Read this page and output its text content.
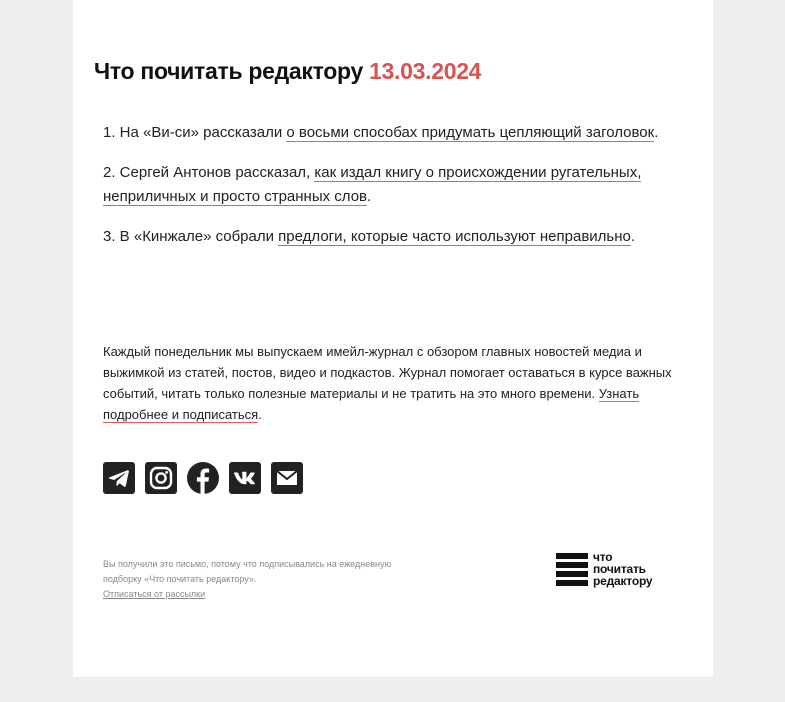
Что почитать редактору 13.03.2024

1. На «Ви-си» рассказали о восьми способах придумать цепляющий заголовок.

2. Сергей Антонов рассказал, как издал книгу о происхождении ругательных, неприличных и просто странных слов.

3. В «Кинжале» собрали предлоги, которые часто используют неправильно.

Каждый понедельник мы выпускаем имейл-журнал с обзором главных новостей медиа и выжимкой из статей, постов, видео и подкастов. Журнал помогает оставаться в курсе важных событий, читать только полезные материалы и не тратить на это много времени. Узнать подробнее и подписаться.

Вы получили это письмо, потому что подписывались на ежедневную подборку «Что почитать редактору».
Отписаться от рассылки

что
почитать
редактору
